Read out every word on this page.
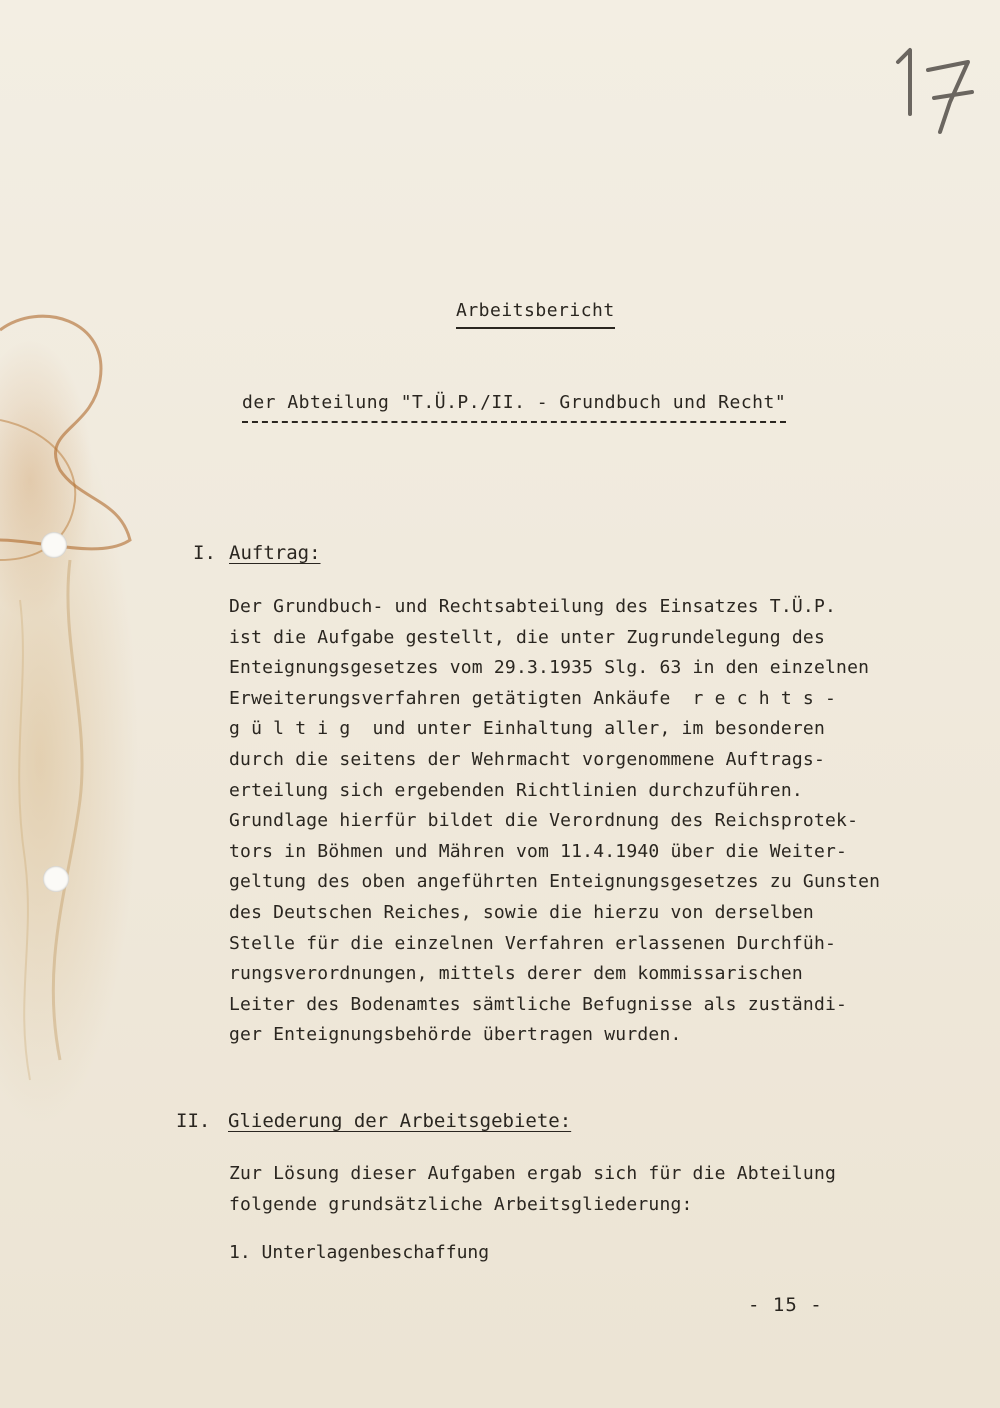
Arbeitsbericht
der Abteilung "T.Ü.P./II. - Grundbuch und Recht"
I. Auftrag:

Der Grundbuch- und Rechtsabteilung des Einsatzes T.Ü.P.
ist die Aufgabe gestellt, die unter Zugrundelegung des
Enteignungsgesetzes vom 29.3.1935 Slg. 63 in den einzelnen
Erweiterungsverfahren getätigten Ankäufe  r e c h t s -
g ü l t i g  und unter Einhaltung aller, im besonderen
durch die seitens der Wehrmacht vorgenommene Auftrags-
erteilung sich ergebenden Richtlinien durchzuführen.
Grundlage hierfür bildet die Verordnung des Reichsprotek-
tors in Böhmen und Mähren vom 11.4.1940 über die Weiter-
geltung des oben angeführten Enteignungsgesetzes zu Gunsten
des Deutschen Reiches, sowie die hierzu von derselben
Stelle für die einzelnen Verfahren erlassenen Durchfüh-
rungsverordnungen, mittels derer dem kommissarischen
Leiter des Bodenamtes sämtliche Befugnisse als zuständi-
ger Enteignungsbehörde übertragen wurden.

II. Gliederung der Arbeitsgebiete:

Zur Lösung dieser Aufgaben ergab sich für die Abteilung
folgende grundsätzliche Arbeitsgliederung:

1. Unterlagenbeschaffung
- 15 -
